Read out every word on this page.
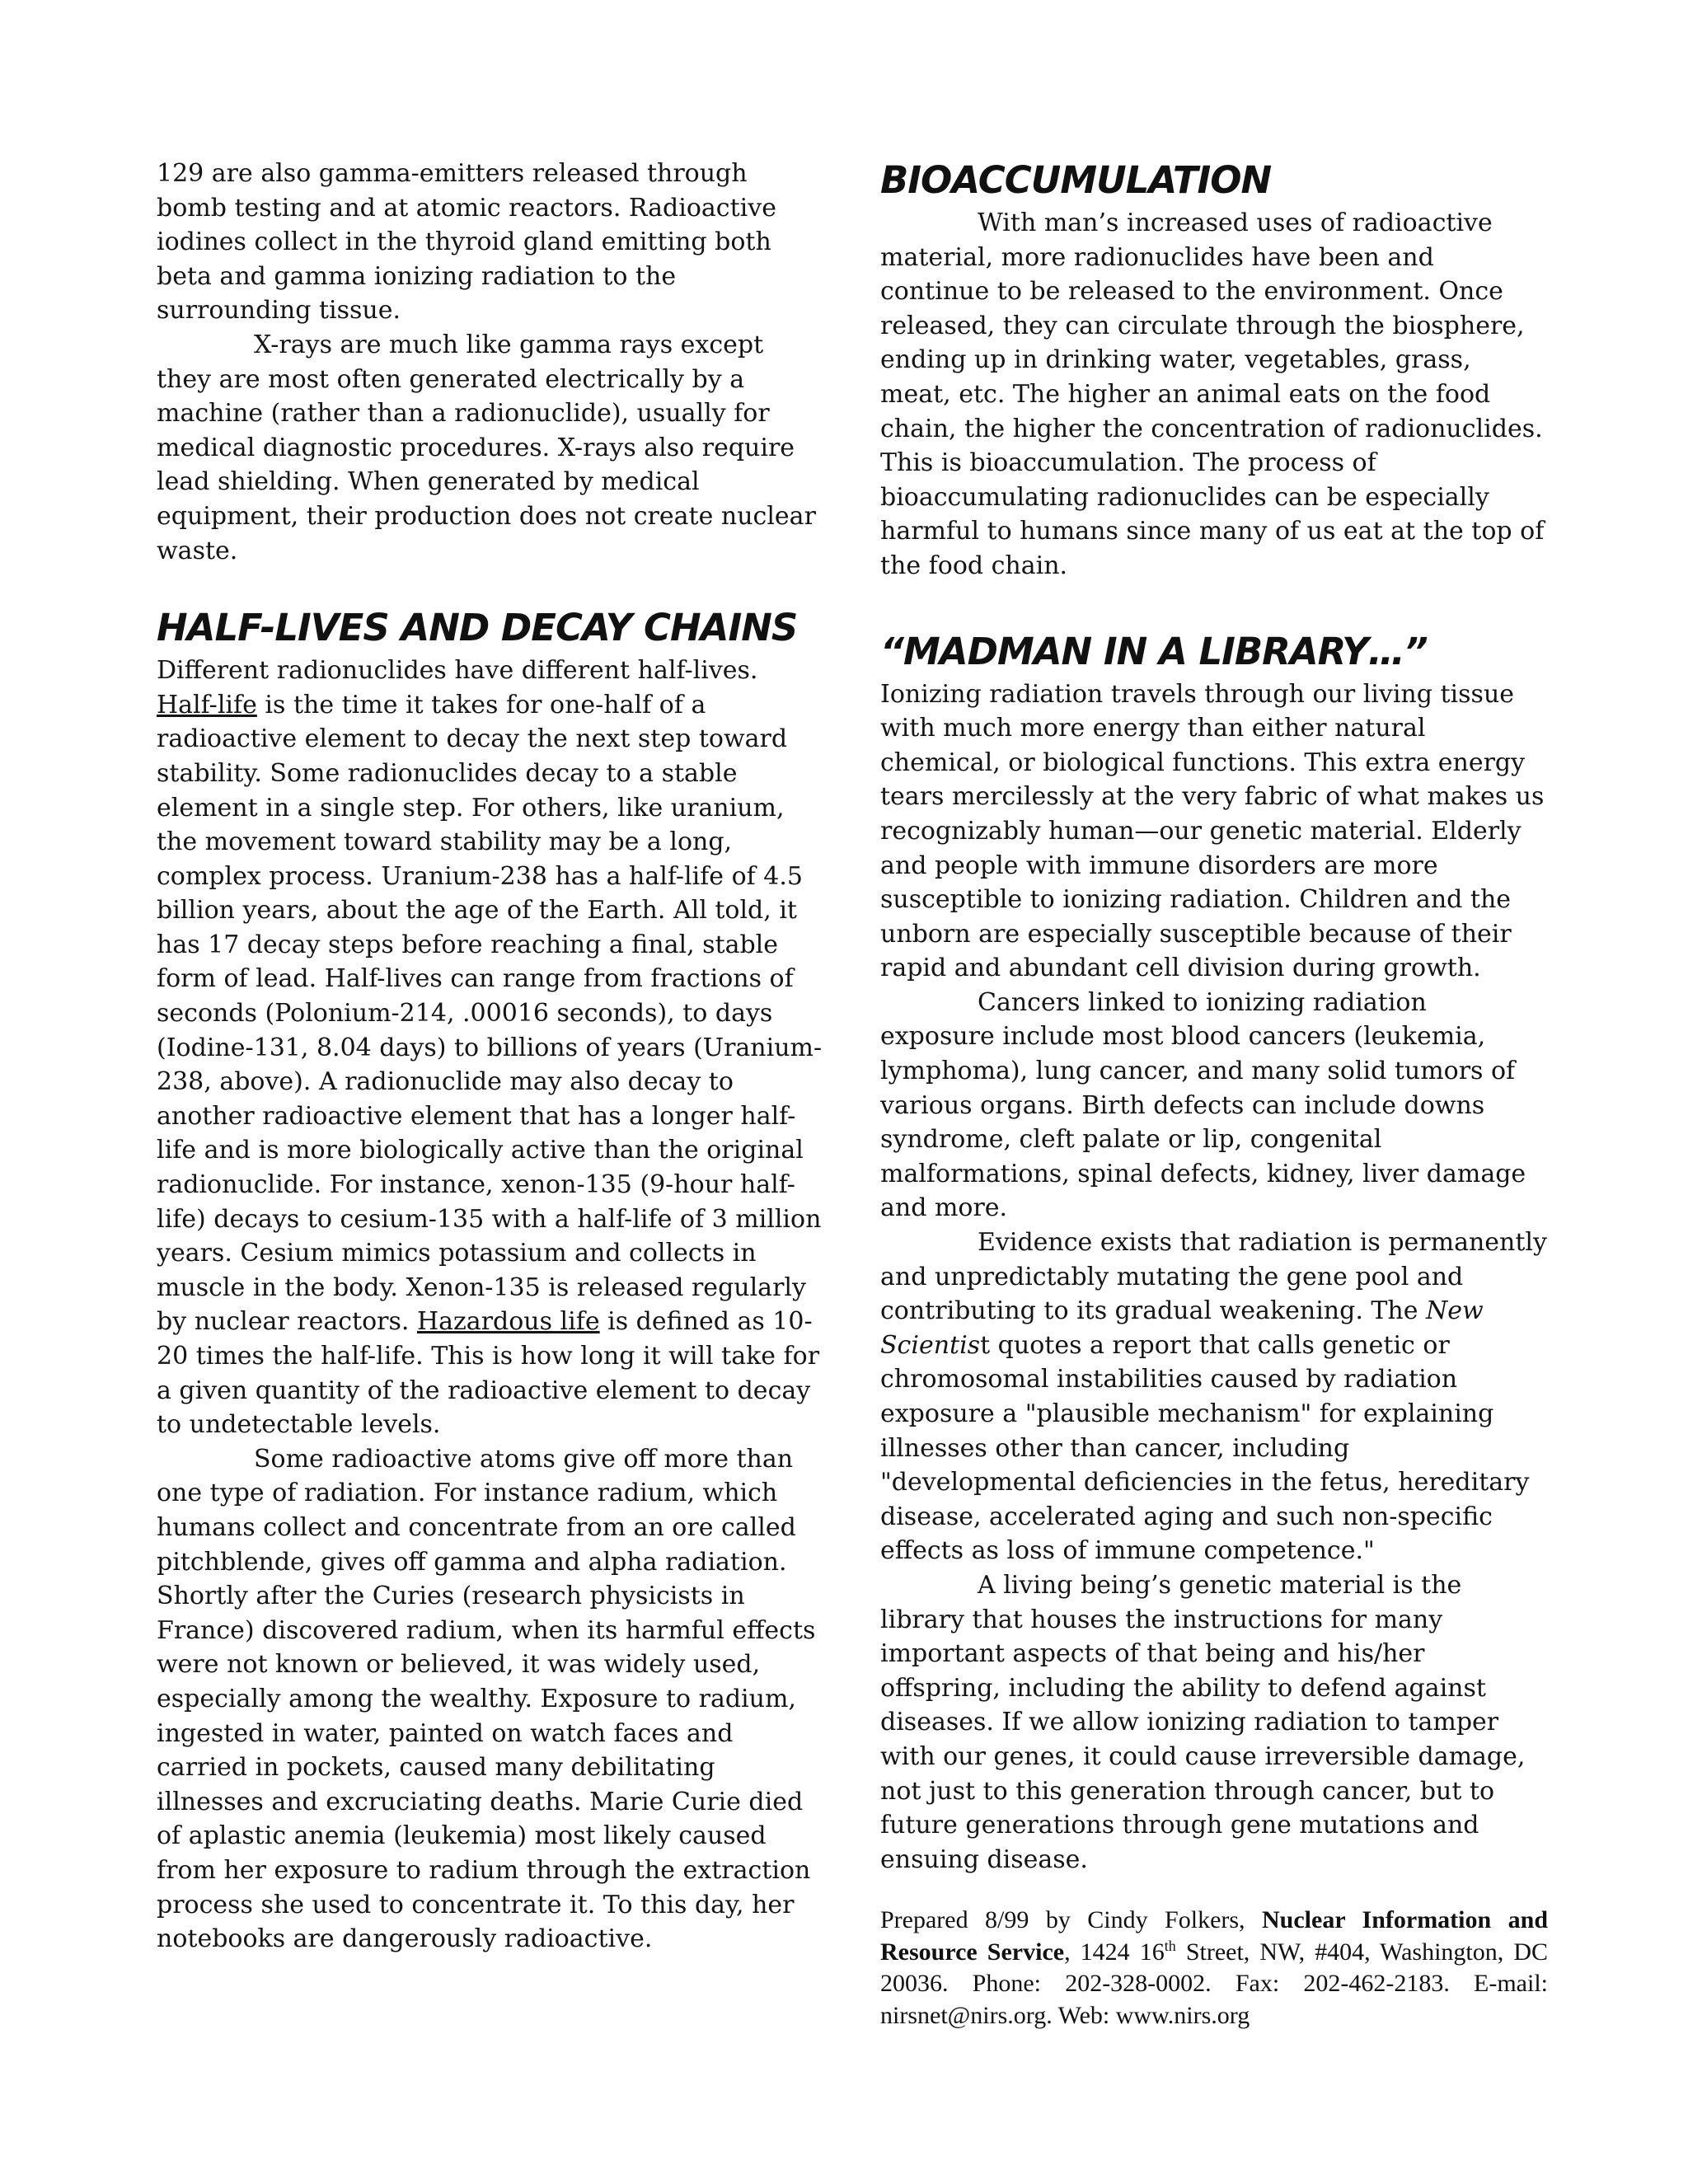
129 are also gamma-emitters released through bomb testing and at atomic reactors. Radioactive iodines collect in the thyroid gland emitting both beta and gamma ionizing radiation to the surrounding tissue.

X-rays are much like gamma rays except they are most often generated electrically by a machine (rather than a radionuclide), usually for medical diagnostic procedures. X-rays also require lead shielding. When generated by medical equipment, their production does not create nuclear waste.

HALF-LIVES AND DECAY CHAINS

Different radionuclides have different half-lives. Half-life is the time it takes for one-half of a radioactive element to decay the next step toward stability. Some radionuclides decay to a stable element in a single step. For others, like uranium, the movement toward stability may be a long, complex process. Uranium-238 has a half-life of 4.5 billion years, about the age of the Earth. All told, it has 17 decay steps before reaching a final, stable form of lead. Half-lives can range from fractions of seconds (Polonium-214, .00016 seconds), to days (Iodine-131, 8.04 days) to billions of years (Uranium-238, above). A radionuclide may also decay to another radioactive element that has a longer half-life and is more biologically active than the original radionuclide. For instance, xenon-135 (9-hour half-life) decays to cesium-135 with a half-life of 3 million years. Cesium mimics potassium and collects in muscle in the body. Xenon-135 is released regularly by nuclear reactors. Hazardous life is defined as 10-20 times the half-life. This is how long it will take for a given quantity of the radioactive element to decay to undetectable levels.

Some radioactive atoms give off more than one type of radiation. For instance radium, which humans collect and concentrate from an ore called pitchblende, gives off gamma and alpha radiation. Shortly after the Curies (research physicists in France) discovered radium, when its harmful effects were not known or believed, it was widely used, especially among the wealthy. Exposure to radium, ingested in water, painted on watch faces and carried in pockets, caused many debilitating illnesses and excruciating deaths. Marie Curie died of aplastic anemia (leukemia) most likely caused from her exposure to radium through the extraction process she used to concentrate it. To this day, her notebooks are dangerously radioactive.

BIOACCUMULATION

With man’s increased uses of radioactive material, more radionuclides have been and continue to be released to the environment. Once released, they can circulate through the biosphere, ending up in drinking water, vegetables, grass, meat, etc. The higher an animal eats on the food chain, the higher the concentration of radionuclides. This is bioaccumulation. The process of bioaccumulating radionuclides can be especially harmful to humans since many of us eat at the top of the food chain.

“MADMAN IN A LIBRARY…”

Ionizing radiation travels through our living tissue with much more energy than either natural chemical, or biological functions. This extra energy tears mercilessly at the very fabric of what makes us recognizably human—our genetic material. Elderly and people with immune disorders are more susceptible to ionizing radiation. Children and the unborn are especially susceptible because of their rapid and abundant cell division during growth.

Cancers linked to ionizing radiation exposure include most blood cancers (leukemia, lymphoma), lung cancer, and many solid tumors of various organs. Birth defects can include downs syndrome, cleft palate or lip, congenital malformations, spinal defects, kidney, liver damage and more.

Evidence exists that radiation is permanently and unpredictably mutating the gene pool and contributing to its gradual weakening. The New Scientist quotes a report that calls genetic or chromosomal instabilities caused by radiation exposure a "plausible mechanism" for explaining illnesses other than cancer, including "developmental deficiencies in the fetus, hereditary disease, accelerated aging and such non-specific effects as loss of immune competence."

A living being’s genetic material is the library that houses the instructions for many important aspects of that being and his/her offspring, including the ability to defend against diseases. If we allow ionizing radiation to tamper with our genes, it could cause irreversible damage, not just to this generation through cancer, but to future generations through gene mutations and ensuing disease.

Prepared 8/99 by Cindy Folkers, Nuclear Information and Resource Service, 1424 16th Street, NW, #404, Washington, DC 20036. Phone: 202-328-0002. Fax: 202-462-2183. E-mail: nirsnet@nirs.org. Web: www.nirs.org
